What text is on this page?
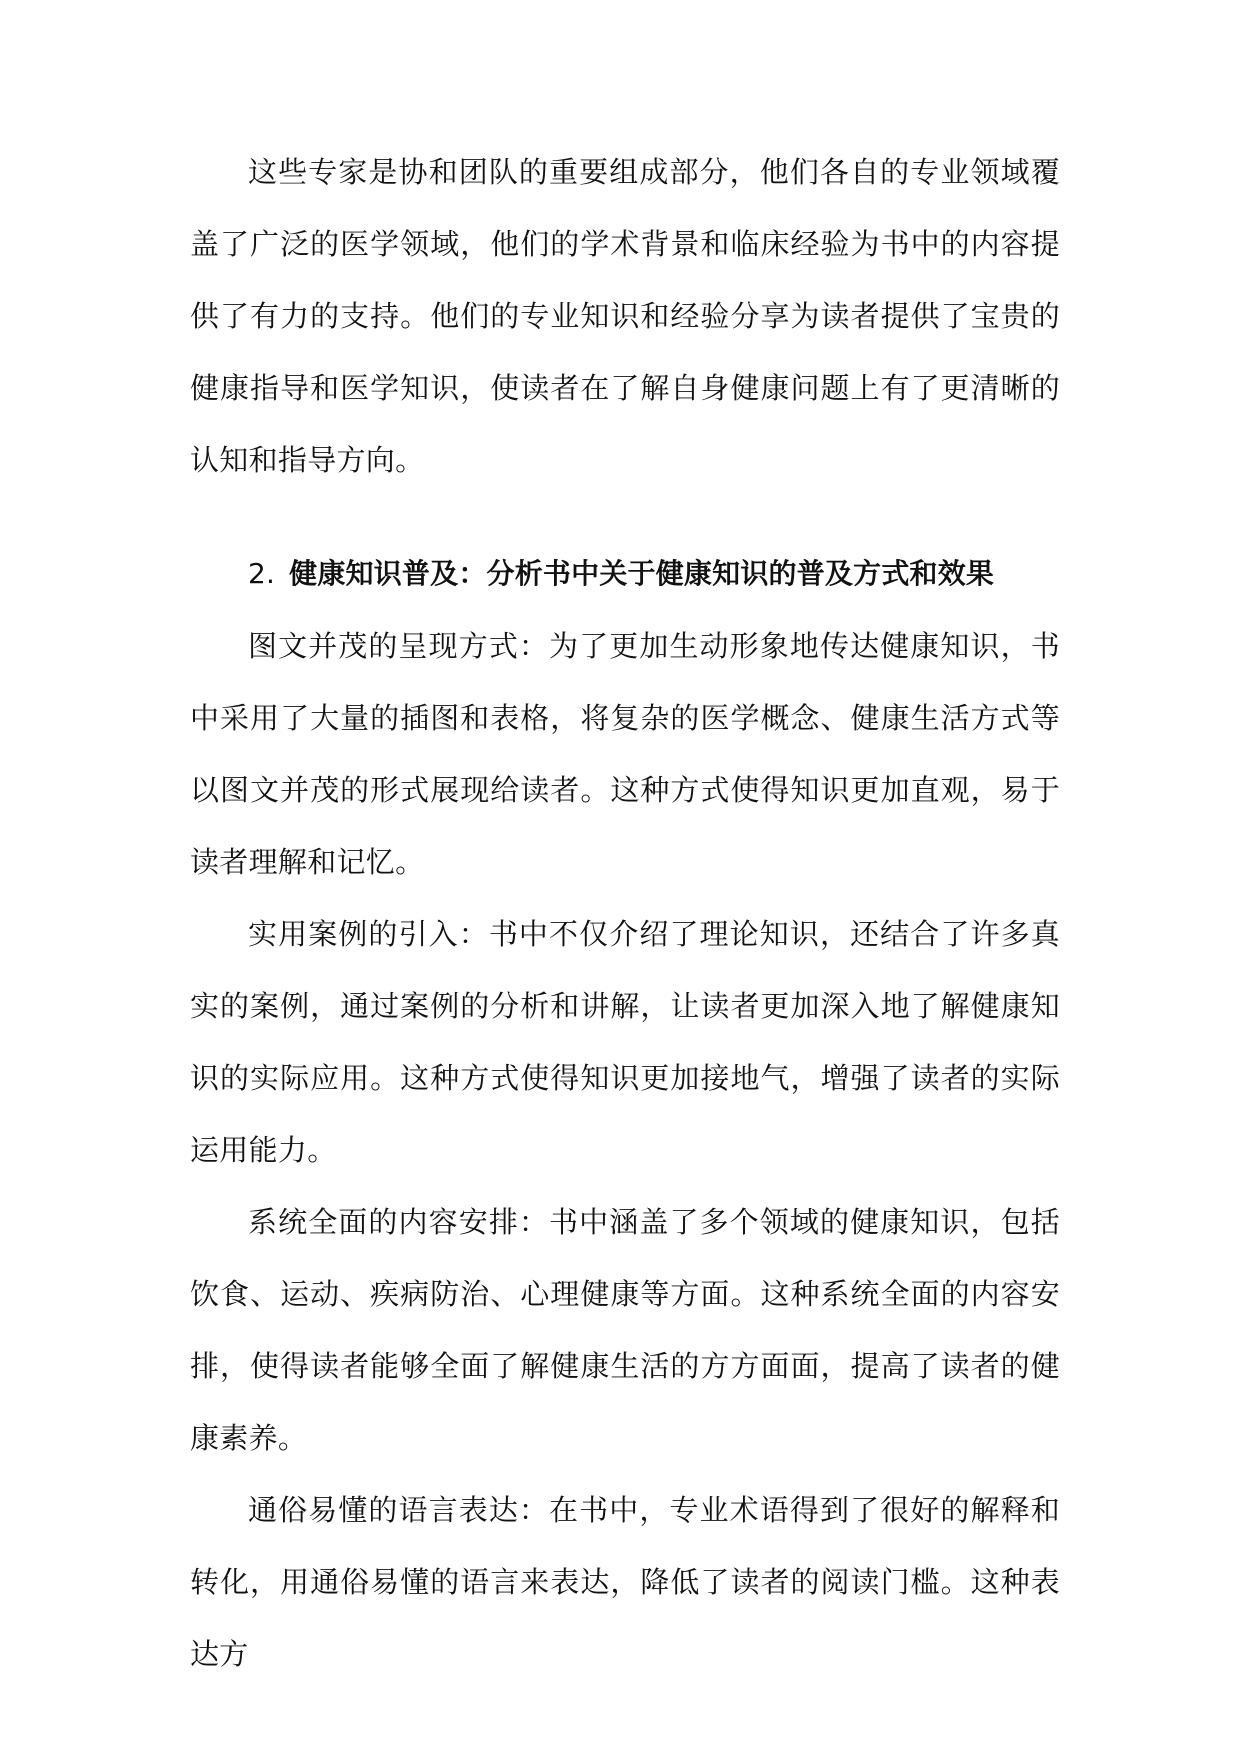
这些专家是协和团队的重要组成部分，他们各自的专业领域覆盖了广泛的医学领域，他们的学术背景和临床经验为书中的内容提供了有力的支持。他们的专业知识和经验分享为读者提供了宝贵的健康指导和医学知识，使读者在了解自身健康问题上有了更清晰的认知和指导方向。

2. 健康知识普及：分析书中关于健康知识的普及方式和效果

图文并茂的呈现方式：为了更加生动形象地传达健康知识，书中采用了大量的插图和表格，将复杂的医学概念、健康生活方式等以图文并茂的形式展现给读者。这种方式使得知识更加直观，易于读者理解和记忆。

实用案例的引入：书中不仅介绍了理论知识，还结合了许多真实的案例，通过案例的分析和讲解，让读者更加深入地了解健康知识的实际应用。这种方式使得知识更加接地气，增强了读者的实际运用能力。

系统全面的内容安排：书中涵盖了多个领域的健康知识，包括饮食、运动、疾病防治、心理健康等方面。这种系统全面的内容安排，使得读者能够全面了解健康生活的方方面面，提高了读者的健康素养。

通俗易懂的语言表达：在书中，专业术语得到了很好的解释和转化，用通俗易懂的语言来表达，降低了读者的阅读门槛。这种表达方
